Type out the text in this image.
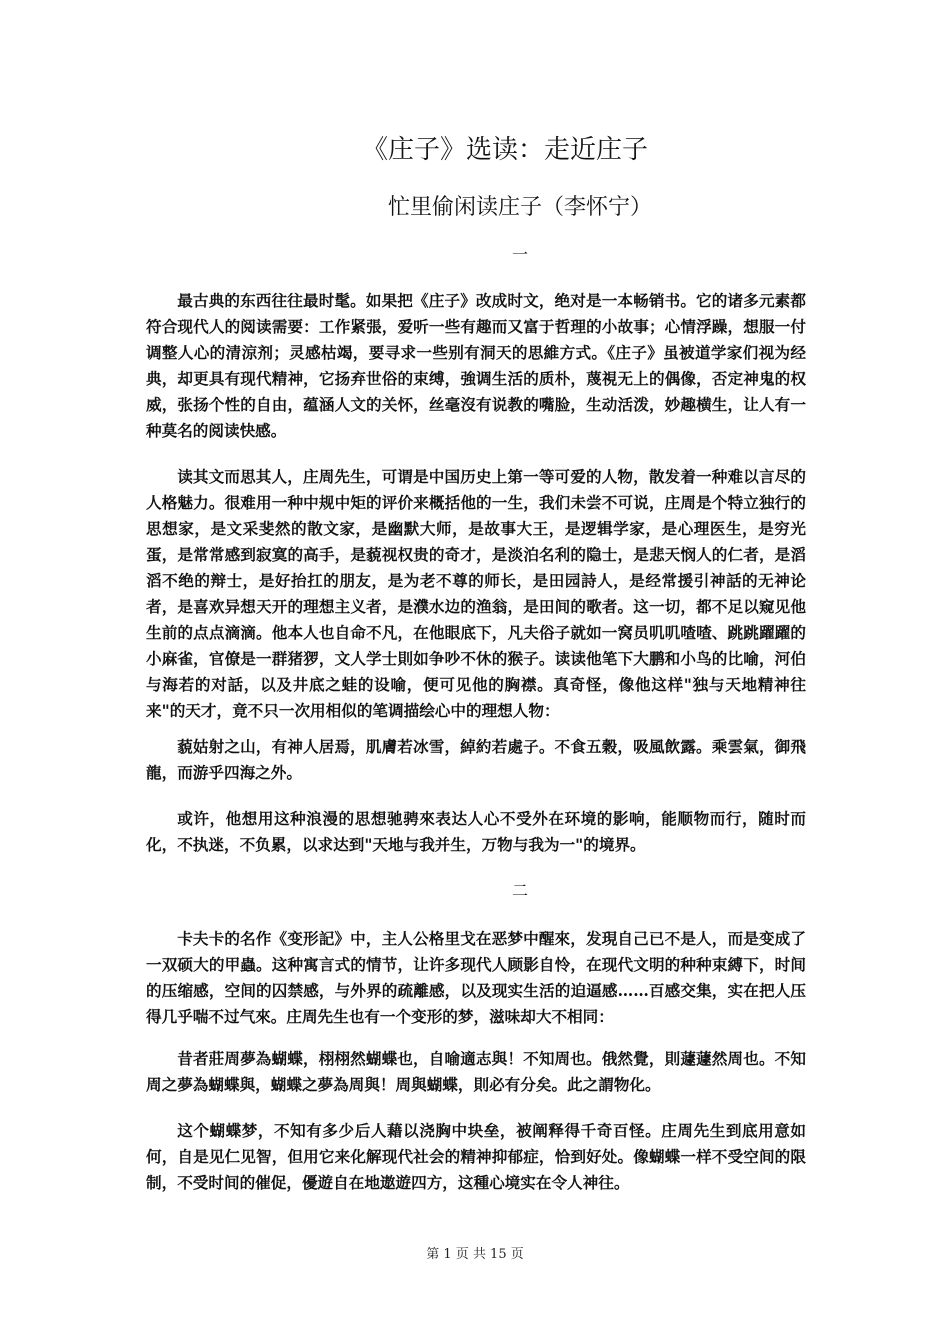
《庄子》选读：走近庄子
忙里偷闲读庄子（李怀宁）
一

最古典的东西往往最时髦。如果把《庄子》改成时文，绝对是一本畅销书。它的诸多元素都符合现代人的阅读需要：工作紧張，爱听一些有趣而又富于哲理的小故事；心情浮躁，想服一付调整人心的清涼剂；灵感枯竭，要寻求一些别有洞天的思維方式。《庄子》虽被道学家们视为经典，却更具有现代精神，它扬弃世俗的束缚，強调生活的质朴，蔑視无上的偶像，否定神鬼的权威，张扬个性的自由，蕴涵人文的关怀，丝毫沒有说教的嘴脸，生动活泼，妙趣横生，让人有一种莫名的阅读快感。

读其文而思其人，庄周先生，可谓是中国历史上第一等可爱的人物，散发着一种难以言尽的人格魅力。很难用一种中规中矩的评价来概括他的一生，我们未尝不可说，庄周是个特立独行的思想家，是文采斐然的散文家，是幽默大师，是故事大王，是逻辑学家，是心理医生，是穷光蛋，是常常感到寂寞的高手，是藐视权贵的奇才，是淡泊名利的隐士，是悲天悯人的仁者，是滔滔不绝的辩士，是好抬扛的朋友，是为老不尊的师长，是田园詩人，是经常援引神話的无神论者，是喜欢异想天开的理想主义者，是濮水边的渔翁，是田间的歌者。这一切，都不足以窥见他生前的点点滴滴。他本人也自命不凡，在他眼底下，凡夫俗子就如一窝员叽叽喳喳、跳跳躍躍的小麻雀，官僚是一群猪猡，文人学士則如争吵不休的猴子。读读他笔下大鹏和小鸟的比喻，河伯与海若的对話，以及井底之蛙的设喻，便可见他的胸襟。真奇怪，像他这样"独与天地精神往来"的天才，竟不只一次用相似的笔调描绘心中的理想人物：

藐姑射之山，有神人居焉，肌膚若冰雪，綽約若處子。不食五穀，吸風飲露。乘雲氣，御飛龍，而游乎四海之外。

或许，他想用这种浪漫的思想驰骋來表达人心不受外在环境的影响，能顺物而行，随时而化，不执迷，不负累，以求达到"天地与我并生，万物与我为一"的境界。

二

卡夫卡的名作《变形記》中，主人公格里戈在恶梦中醒來，发現自己已不是人，而是变成了一双硕大的甲蟲。这种寓言式的情节，让许多现代人顾影自怜，在现代文明的种种束縛下，时间的压缩感，空间的囚禁感，与外界的疏離感，以及现实生活的迫逼感……百感交集，实在把人压得几乎喘不过气來。庄周先生也有一个变形的梦，滋味却大不相同：

昔者莊周夢為蝴蝶，栩栩然蝴蝶也，自喻適志與！不知周也。俄然覺，則蘧蘧然周也。不知周之夢為蝴蝶與，蝴蝶之夢為周與！周與蝴蝶，則必有分矣。此之謂物化。

这个蝴蝶梦，不知有多少后人藉以浇胸中块垒，被阐释得千奇百怪。庄周先生到底用意如何，自是见仁见智，但用它来化解现代社会的精神抑郁症，恰到好处。像蝴蝶一样不受空间的限制，不受时间的催促，優遊自在地遨遊四方，这種心境实在令人神往。

第 1 页 共 15 页
